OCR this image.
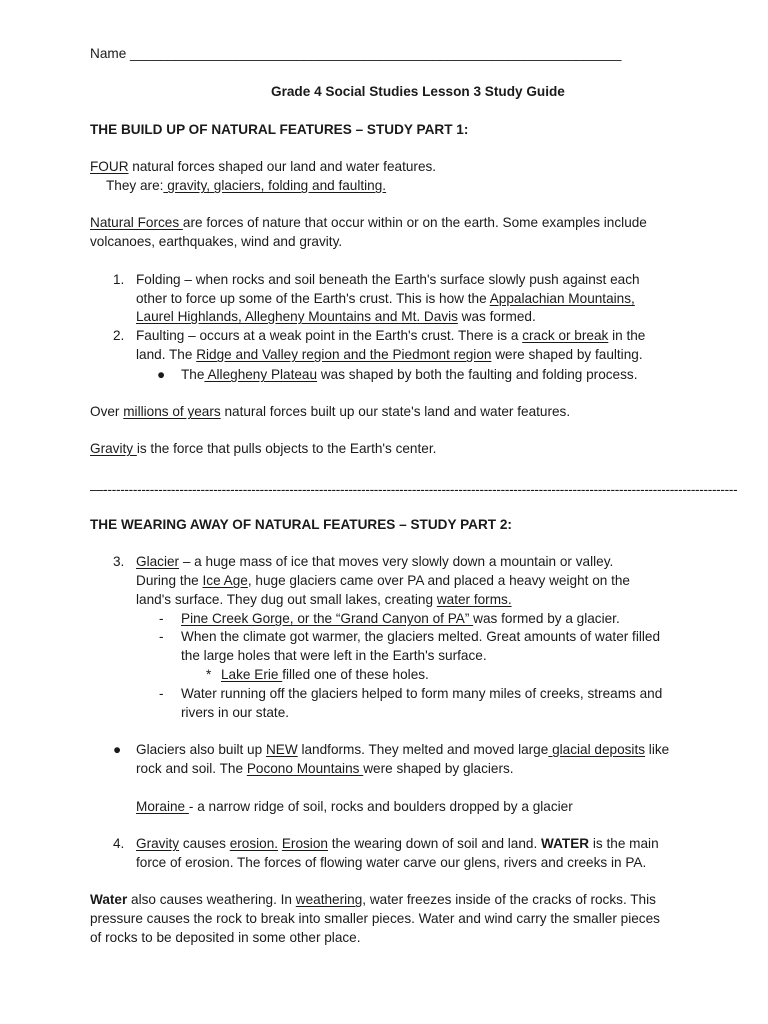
Name _________________________________________________________________
Grade 4 Social Studies Lesson 3 Study Guide
THE BUILD UP OF NATURAL FEATURES – STUDY PART 1:
FOUR natural forces shaped our land and water features.
They are: gravity, glaciers, folding and faulting.
Natural Forces are forces of nature that occur within or on the earth. Some examples include
volcanoes, earthquakes, wind and gravity.
1. Folding – when rocks and soil beneath the Earth's surface slowly push against each
other to force up some of the Earth's crust. This is how the Appalachian Mountains,
Laurel Highlands, Allegheny Mountains and Mt. Davis was formed.
2. Faulting – occurs at a weak point in the Earth's crust. There is a crack or break in the
land. The Ridge and Valley region and the Piedmont region were shaped by faulting.
● The Allegheny Plateau was shaped by both the faulting and folding process.
Over millions of years natural forces built up our state's land and water features.
Gravity is the force that pulls objects to the Earth's center.
—------------------------------------------------------------------------------------------------------------------------------------------------------
THE WEARING AWAY OF NATURAL FEATURES – STUDY PART 2:
3. Glacier – a huge mass of ice that moves very slowly down a mountain or valley.
During the Ice Age, huge glaciers came over PA and placed a heavy weight on the
land's surface. They dug out small lakes, creating water forms.
- Pine Creek Gorge, or the “Grand Canyon of PA” was formed by a glacier.
- When the climate got warmer, the glaciers melted. Great amounts of water filled
the large holes that were left in the Earth's surface.
* Lake Erie filled one of these holes.
- Water running off the glaciers helped to form many miles of creeks, streams and
rivers in our state.
● Glaciers also built up NEW landforms. They melted and moved large glacial deposits like
rock and soil. The Pocono Mountains were shaped by glaciers.
Moraine - a narrow ridge of soil, rocks and boulders dropped by a glacier
4. Gravity causes erosion. Erosion the wearing down of soil and land. WATER is the main
force of erosion. The forces of flowing water carve our glens, rivers and creeks in PA.
Water also causes weathering. In weathering, water freezes inside of the cracks of rocks. This
pressure causes the rock to break into smaller pieces. Water and wind carry the smaller pieces
of rocks to be deposited in some other place.
